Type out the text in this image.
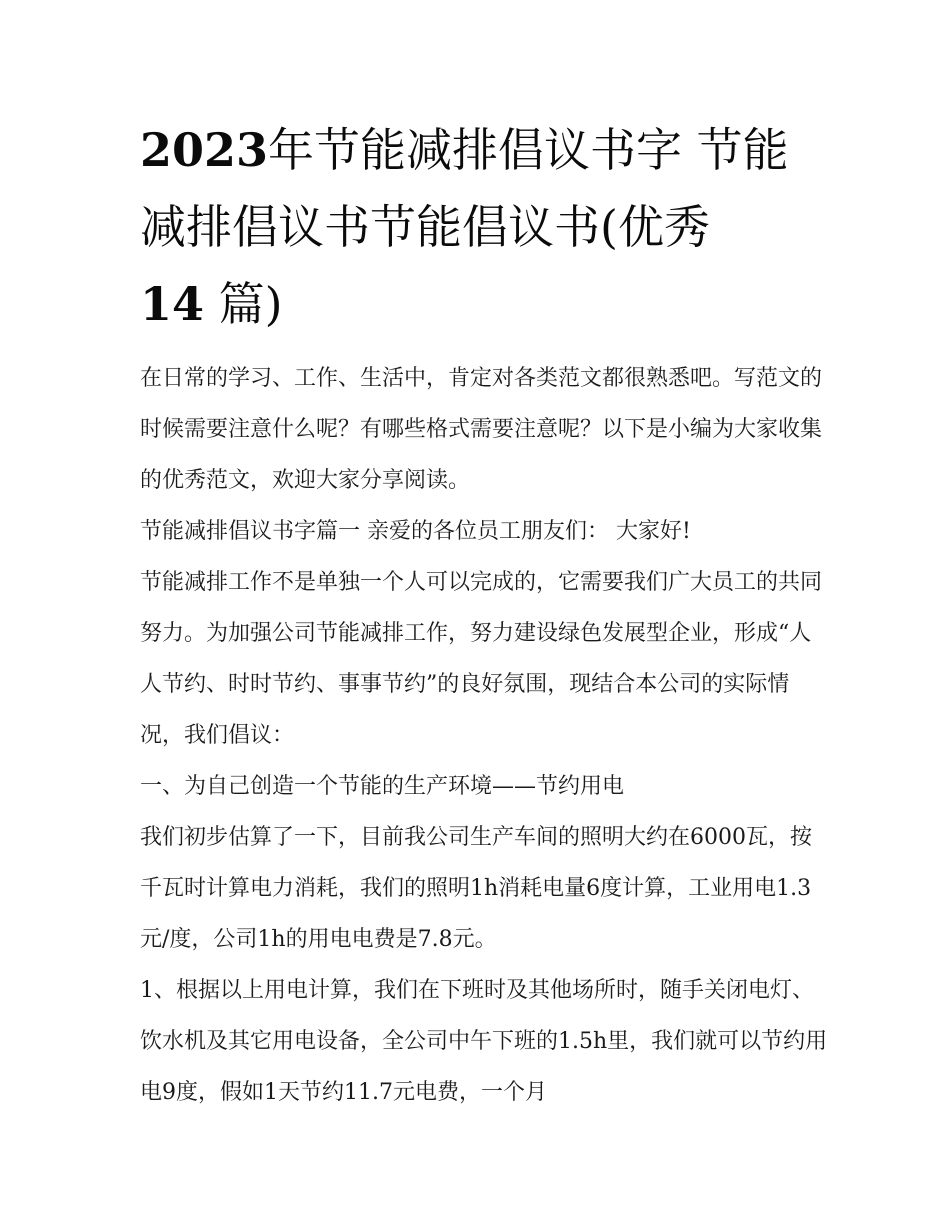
2023年节能减排倡议书字 节能减排倡议书节能倡议书(优秀
14 篇)

在日常的学习、工作、生活中，肯定对各类范文都很熟悉吧。写范文的时候需要注意什么呢？有哪些格式需要注意呢？以下是小编为大家收集的优秀范文，欢迎大家分享阅读。

节能减排倡议书字篇一 亲爱的各位员工朋友们： 大家好!

节能减排工作不是单独一个人可以完成的，它需要我们广大员工的共同努力。为加强公司节能减排工作，努力建设绿色发展型企业，形成“人人节约、时时节约、事事节约”的良好氛围，现结合本公司的实际情况，我们倡议：

一、为自己创造一个节能的生产环境——节约用电

我们初步估算了一下，目前我公司生产车间的照明大约在6000瓦，按千瓦时计算电力消耗，我们的照明1h消耗电量6度计算，工业用电1.3元/度，公司1h的用电电费是7.8元。

1、根据以上用电计算，我们在下班时及其他场所时，随手关闭电灯、饮水机及其它用电设备，全公司中午下班的1.5h里，我们就可以节约用电9度，假如1天节约11.7元电费，一个月
